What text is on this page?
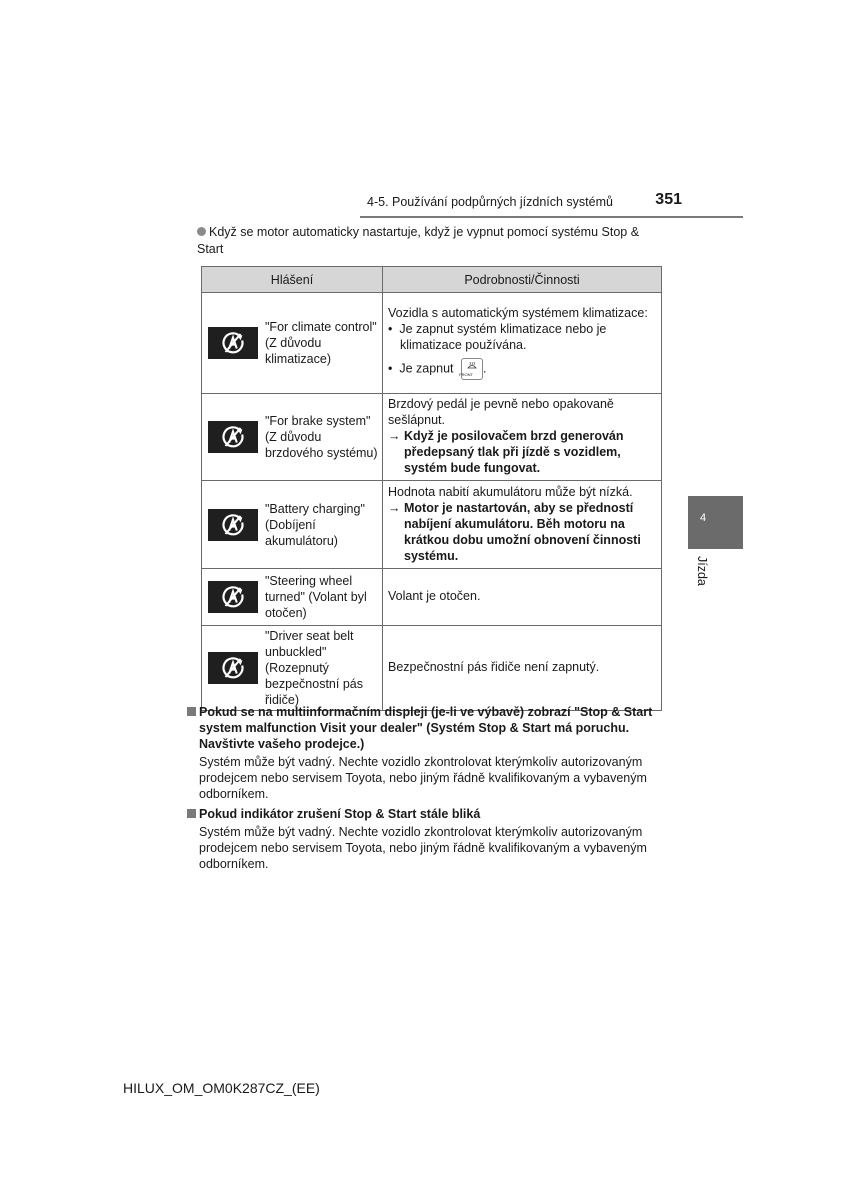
4-5. Používání podpůrných jízdních systémů	351
Když se motor automaticky nastartuje, když je vypnut pomocí systému Stop & Start
Hlášení	Podrobnosti/Činnosti

"For climate control" (Z důvodu klimatizace)	Vozidla s automatickým systémem klimatizace:
•  Je zapnut systém klimatizace nebo je klimatizace používána.
•  Je zapnut FRONT .

"For brake system" (Z důvodu brzdového systému)	Brzdový pedál je pevně nebo opakovaně sešlápnut.
→ Když je posilovačem brzd generován předepsaný tlak při jízdě s vozidlem, systém bude fungovat.

"Battery charging" (Dobíjení akumulátoru)	Hodnota nabití akumulátoru může být nízká.
→ Motor je nastartován, aby se předností nabíjení akumulátoru. Běh motoru na krátkou dobu umožní obnovení činnosti systému.

"Steering wheel turned" (Volant byl otočen)	Volant je otočen.

"Driver seat belt unbuckled" (Rozepnutý bezpečnostní pás řidiče)	Bezpečnostní pás řidiče není zapnutý.
Pokud se na multiinformačním displeji (je-li ve výbavě) zobrazí "Stop & Start system malfunction Visit your dealer" (Systém Stop & Start má poruchu. Navštivte vašeho prodejce.)
Systém může být vadný. Nechte vozidlo zkontrolovat kterýmkoliv autorizovaným prodejcem nebo servisem Toyota, nebo jiným řádně kvalifikovaným a vybaveným odborníkem.
Pokud indikátor zrušení Stop & Start stále bliká
Systém může být vadný. Nechte vozidlo zkontrolovat kterýmkoliv autorizovaným prodejcem nebo servisem Toyota, nebo jiným řádně kvalifikovaným a vybaveným odborníkem.
4
Jízda
HILUX_OM_OM0K287CZ_(EE)
